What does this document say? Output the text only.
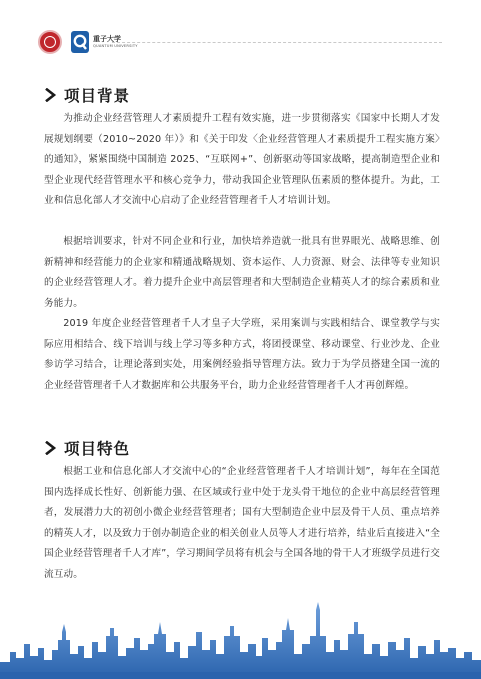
重子大学
QUANTUM UNIVERSITY
项目背景

为推动企业经营管理人才素质提升工程有效实施，进一步贯彻落实《国家中长期人才发展规划纲要（2010~2020 年）》和《关于印发〈企业经营管理人才素质提升工程实施方案〉的通知》，紧紧围绕中国制造 2025、“互联网+”、创新驱动等国家战略，提高制造型企业和型企业现代经营管理水平和核心竞争力，带动我国企业管理队伍素质的整体提升。为此，工业和信息化部人才交流中心启动了企业经营管理者千人才培训计划。

根据培训要求，针对不同企业和行业，加快培养造就一批具有世界眼光、战略思维、创新精神和经营能力的企业家和精通战略规划、资本运作、人力资源、财会、法律等专业知识的企业经营管理人才。着力提升企业中高层管理者和大型制造企业精英人才的综合素质和业务能力。

2019 年度企业经营管理者千人才皇子大学班，采用案训与实践相结合、课堂教学与实际应用相结合、线下培训与线上学习等多种方式，将团授课堂、移动课堂、行业沙龙、企业参访学习结合，让理论落到实处，用案例经验指导管理方法。致力于为学员搭建全国一流的企业经营管理者千人才数据库和公共服务平台，助力企业经营管理者千人才再创辉煌。

项目特色

根据工业和信息化部人才交流中心的“企业经营管理者千人才培训计划”，每年在全国范围内选择成长性好、创新能力强、在区域或行业中处于龙头骨干地位的企业中高层经营管理者，发展潜力大的初创小微企业经营管理者；国有大型制造企业中层及骨干人员、重点培养的精英人才，以及致力于创办制造企业的相关创业人员等人才进行培养，结业后直接进入“全国企业经营管理者千人才库”，学习期间学员将有机会与全国各地的骨干人才班级学员进行交流互动。
